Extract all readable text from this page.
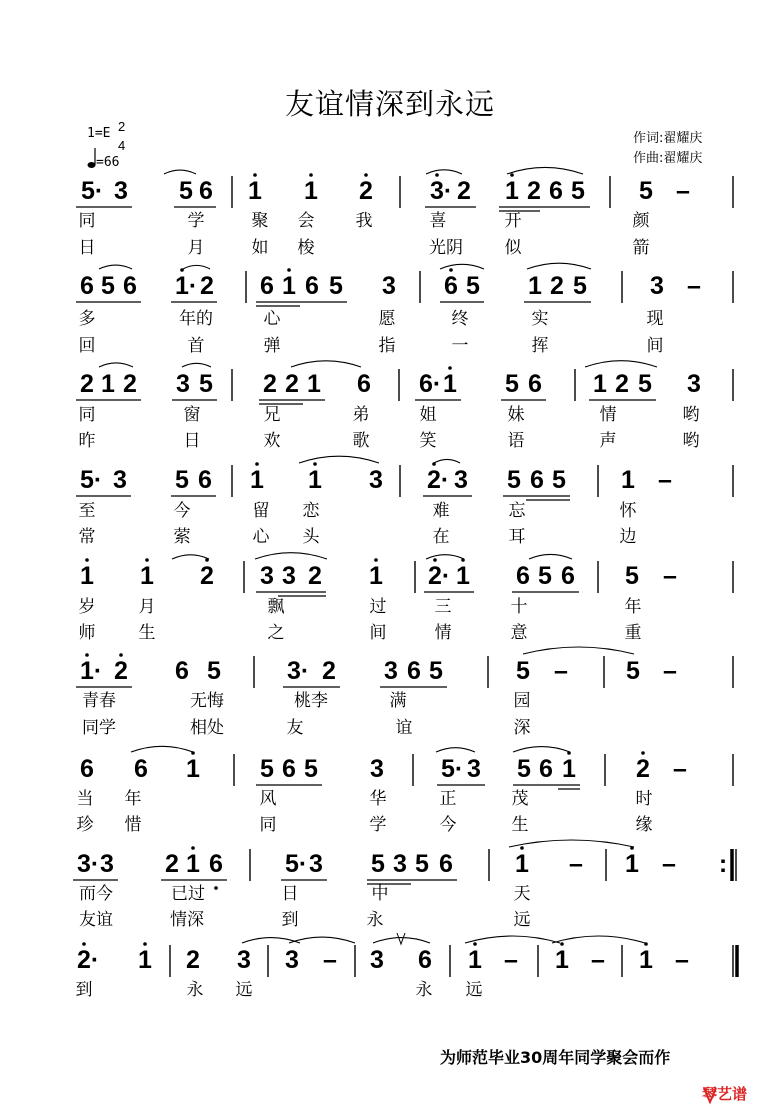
友谊情深到永远
作词:翟耀庆
作曲:翟耀庆
1=E 2
4
=66
5 · 3 5 6 1 1 2 3 · 2 1 2 6 5 5 –
6 5 6 1 · 2 6 1 6 5 3 6 5 1 2 5	3 –
2 1 2 3 5 2 2 1 6 6 · 1 5 6 1 2 5 3
5 · 3 5 6 1 1 3 2 · 3 5 6 5 1 –
1 1 2 3 3 2 1 2 · 1 6 5 6 5 –
1 · 2 6 5	3 · 2 3 6 5	5 – 5 –
6 6 1 5 6 5 3 5 · 3 5 6 1 2 –
3 · 3 2 1 6 5 · 3 5 3 5 6 1 – 1 – :
2 · 1 2 3 3 – 3 6 1 – 1 – 1 –
同	学	聚 会 我	喜	开	颜
日	月	如 梭	光阴 似	箭
多	年的	心	愿	终	实	现
回	首	弹	指	一	挥	间
同	窗	兄	弟	姐	妹	情	哟
昨	日	欢	歌	笑	语	声	哟
至	今	留 恋	难	忘	怀
常	萦	心 头	在	耳	边
岁	月	飘	过	三	十	年
师	生	之	间	情	意	重
青春	无悔	桃李	满	园
同学	相处	友	谊	深
当 年	风	华	正	茂	时
珍 惜	同	学	今	生	缘
而今	已过	日	中	天
友谊	情深	到	永	远
到	永 远	永 远
为师范毕业30周年同学聚会而作
琴艺谱
